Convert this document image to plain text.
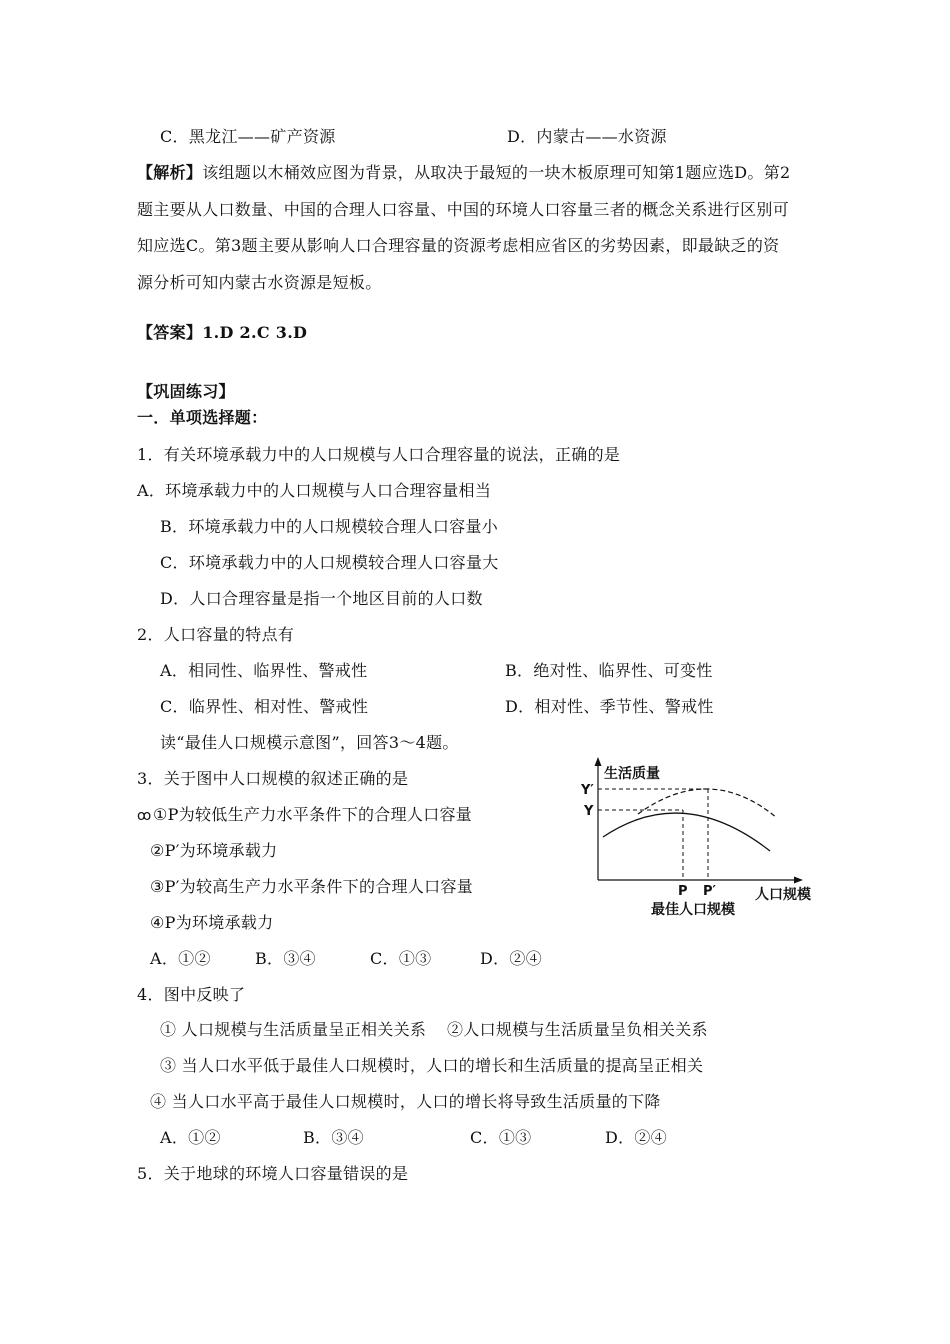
C．黑龙江——矿产资源	D．内蒙古——水资源
【解析】该组题以木桶效应图为背景，从取决于最短的一块木板原理可知第1题应选D。第2
题主要从人口数量、中国的合理人口容量、中国的环境人口容量三者的概念关系进行区别可
知应选C。第3题主要从影响人口合理容量的资源考虑相应省区的劣势因素，即最缺乏的资
源分析可知内蒙古水资源是短板。
【答案】1.D 2.C 3.D
【巩固练习】
一．单项选择题：
1．有关环境承载力中的人口规模与人口合理容量的说法，正确的是
A．环境承载力中的人口规模与人口合理容量相当
B．环境承载力中的人口规模较合理人口容量小
C．环境承载力中的人口规模较合理人口容量大
D．人口合理容量是指一个地区目前的人口数
2．人口容量的特点有
A．相同性、临界性、警戒性	B．绝对性、临界性、可变性
C．临界性、相对性、警戒性	D．相对性、季节性、警戒性
读“最佳人口规模示意图”，回答3～4题。
3．关于图中人口规模的叙述正确的是
ꝏ①P为较低生产力水平条件下的合理人口容量
②P′为环境承载力
③P′为较高生产力水平条件下的合理人口容量
④P为环境承载力
A．①②	B．③④	C．①③	D．②④
4．图中反映了
① 人口规模与生活质量呈正相关关系 ②人口规模与生活质量呈负相关关系
③ 当人口水平低于最佳人口规模时，人口的增长和生活质量的提高呈正相关
④ 当人口水平高于最佳人口规模时，人口的增长将导致生活质量的下降
A．①②	B．③④	C．①③	D．②④
5．关于地球的环境人口容量错误的是
生活质量
Y′
Y
P P′	人口规模
最佳人口规模
